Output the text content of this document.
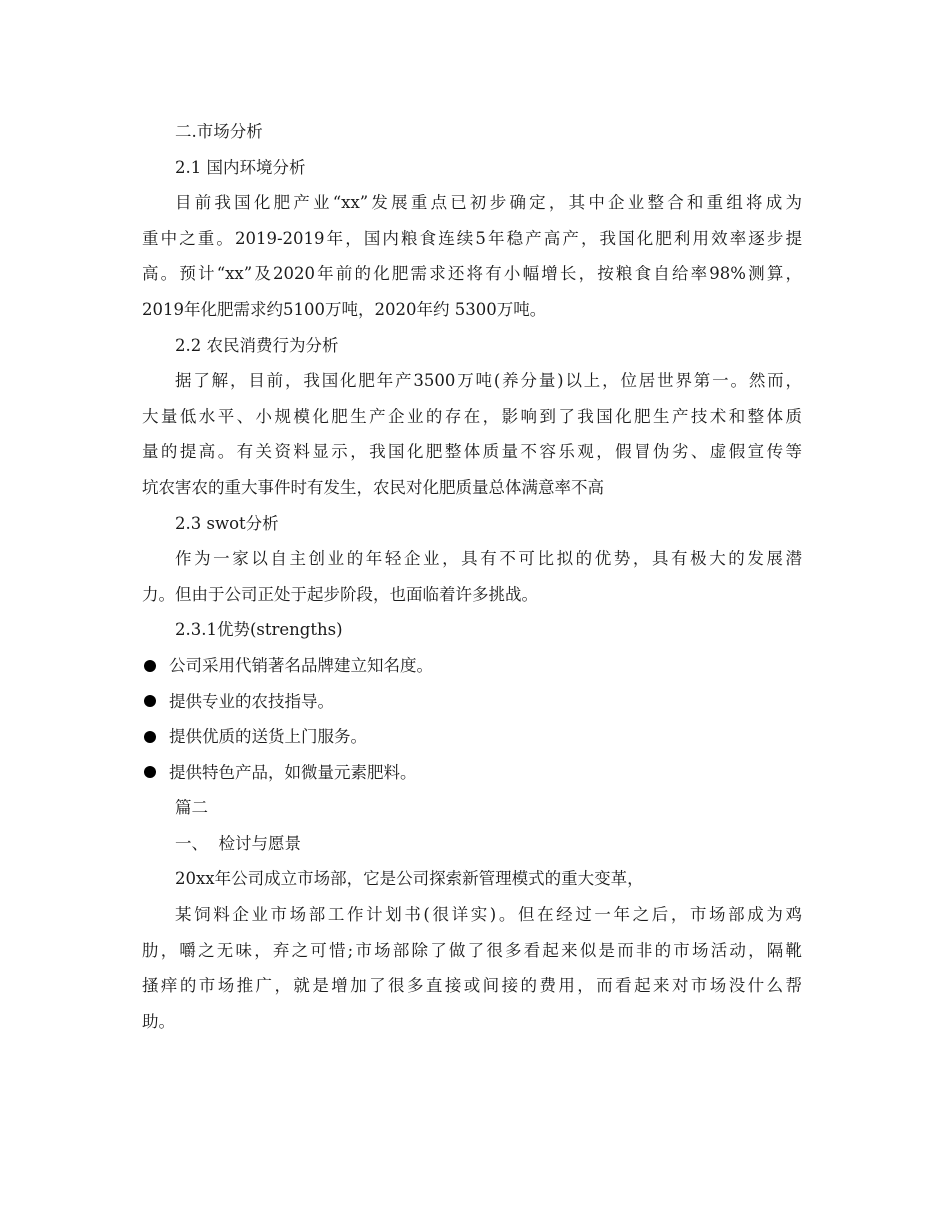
二.市场分析
2.1 国内环境分析
目前我国化肥产业“xx”发展重点已初步确定，其中企业整合和重组将成为
重中之重。2019-2019年，国内粮食连续5年稳产高产，我国化肥利用效率逐步提
高。预计“xx”及2020年前的化肥需求还将有小幅增长，按粮食自给率98%测算，
2019年化肥需求约5100万吨，2020年约 5300万吨。
2.2 农民消费行为分析
据了解，目前，我国化肥年产3500万吨(养分量)以上，位居世界第一。然而，
大量低水平、小规模化肥生产企业的存在，影响到了我国化肥生产技术和整体质
量的提高。有关资料显示，我国化肥整体质量不容乐观，假冒伪劣、虚假宣传等
坑农害农的重大事件时有发生，农民对化肥质量总体满意率不高
2.3 swot分析
作为一家以自主创业的年轻企业，具有不可比拟的优势，具有极大的发展潜
力。但由于公司正处于起步阶段，也面临着许多挑战。
2.3.1优势(strengths)
公司采用代销著名品牌建立知名度。
提供专业的农技指导。
提供优质的送货上门服务。
提供特色产品，如微量元素肥料。
篇二
一、  检讨与愿景
20xx年公司成立市场部，它是公司探索新管理模式的重大变革，
某饲料企业市场部工作计划书(很详实)。但在经过一年之后，市场部成为鸡
肋，嚼之无味，弃之可惜;市场部除了做了很多看起来似是而非的市场活动，隔靴
搔痒的市场推广，就是增加了很多直接或间接的费用，而看起来对市场没什么帮
助。
